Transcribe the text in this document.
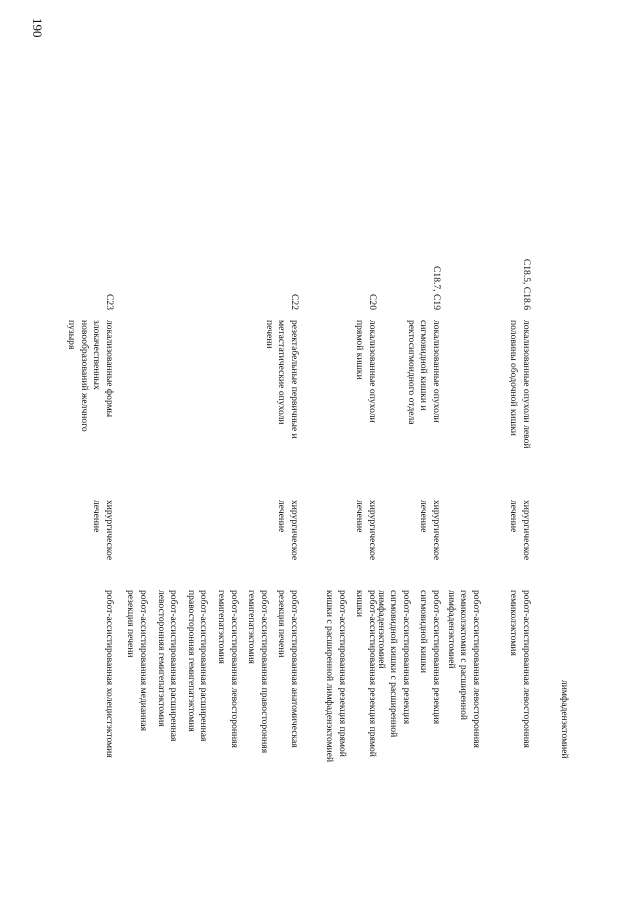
190
лимфаденэктомией
C18.5, C18.6
локализованные опухоли левой половины ободочной кишки
хирургическое лечение
робот-ассистированная левосторонняя гемиколэктомия
робот-ассистированная левосторонняя гемиколэктомия с расширенной лимфаденэктомией
C18.7, C19
локализованные опухоли сигмовидной кишки и ректосигмоидного отдела
хирургическое лечение
робот-ассистированная резекция сигмовидной кишки
робот-ассистированная резекция сигмовидной кишки с расширенной лимфаденэктомией
C20
локализованные опухоли прямой кишки
хирургическое лечение
робот-ассистированная резекция прямой кишки
робот-ассистированная резекция прямой кишки с расширенной лимфаденэктомией
C22
резектабельные первичные и метастатические опухоли печени
хирургическое лечение
робот-ассистированная анатомическая резекция печени
робот-ассистированная правосторонняя гемигепатэктомия
робот-ассистированная левосторонняя гемигепатэктомия
робот-ассистированная расширенная правосторонняя гемигепатэктомия
робот-ассистированная расширенная левосторонняя гемигепатэктомия
робот-ассистированная медианная резекция печени
C23
локализованные формы злокачественных новообразований желчного пузыря
хирургическое лечение
робот-ассистированная холецистэктомия
